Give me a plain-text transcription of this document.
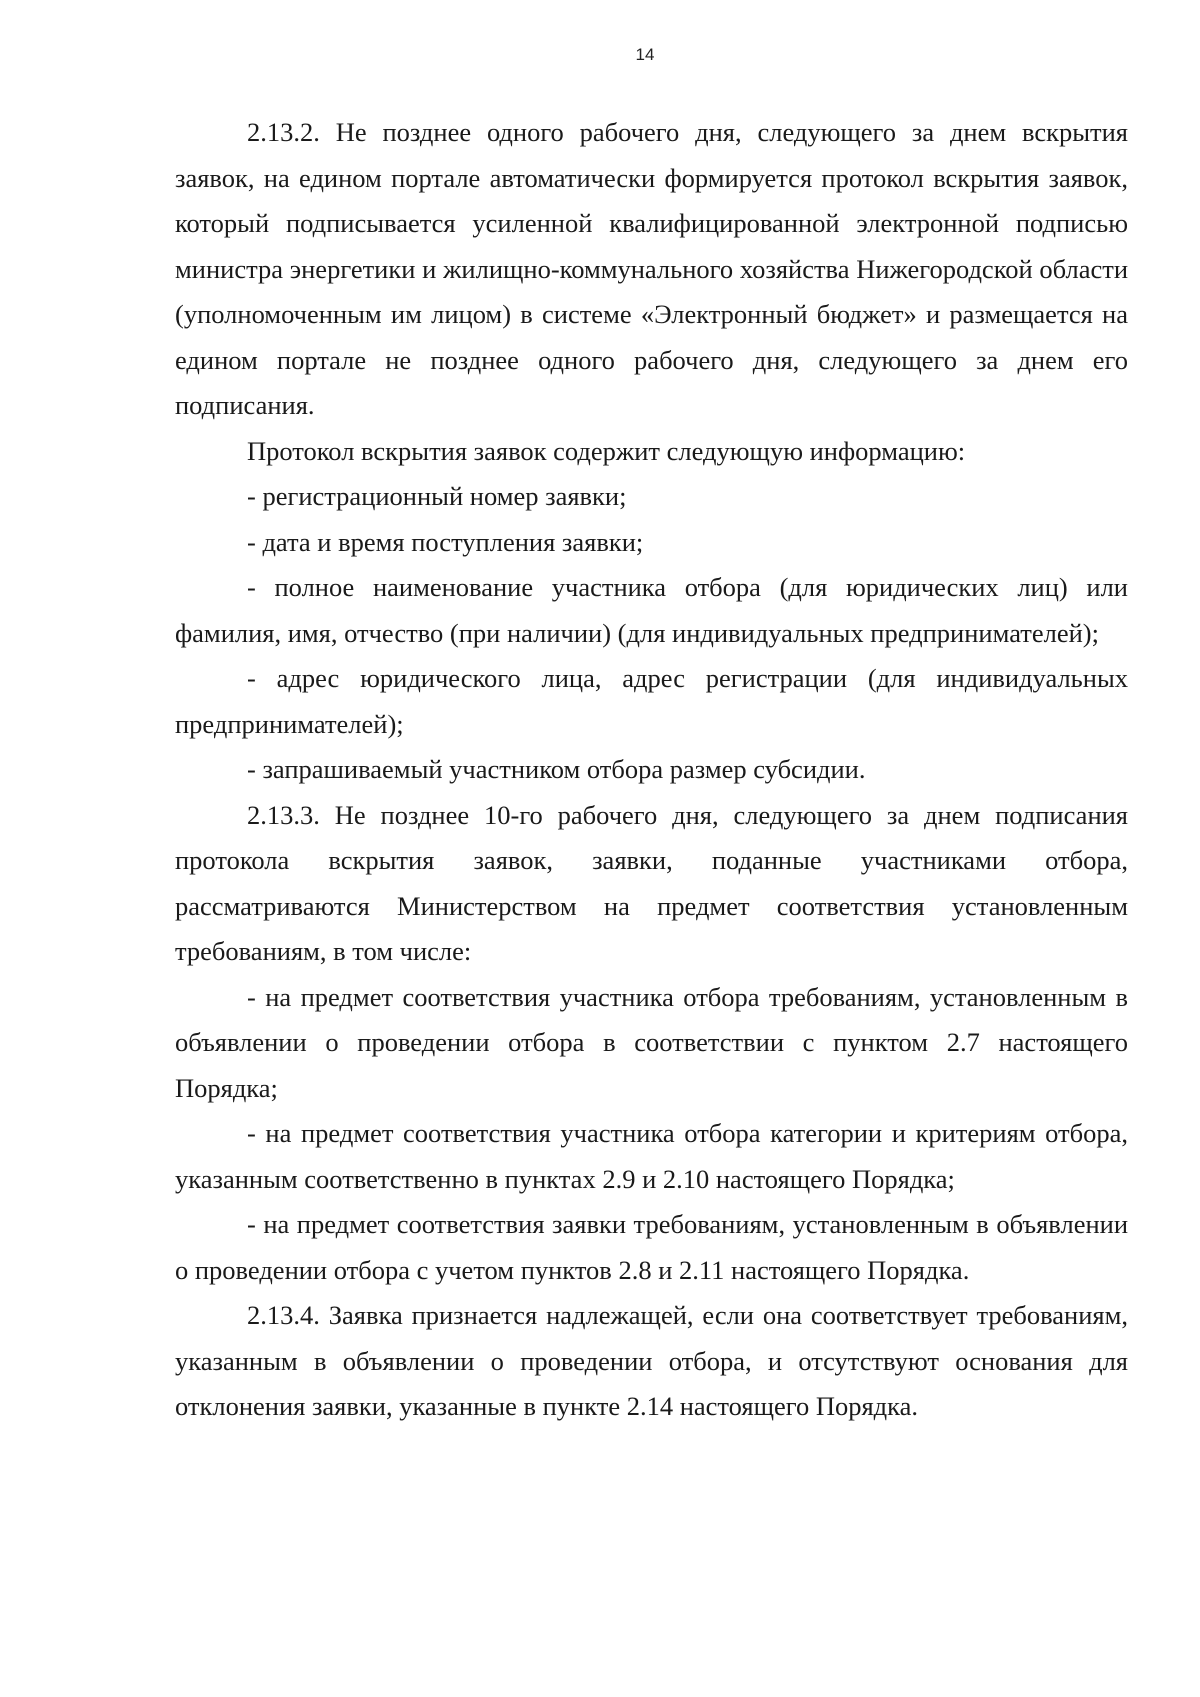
14

2.13.2. Не позднее одного рабочего дня, следующего за днем вскрытия заявок, на едином портале автоматически формируется протокол вскрытия заявок, который подписывается усиленной квалифицированной электронной подписью министра энергетики и жилищно-коммунального хозяйства Нижегородской области (уполномоченным им лицом) в системе «Электронный бюджет» и размещается на едином портале не позднее одного рабочего дня, следующего за днем его подписания.

Протокол вскрытия заявок содержит следующую информацию:

- регистрационный номер заявки;

- дата и время поступления заявки;

- полное наименование участника отбора (для юридических лиц) или фамилия, имя, отчество (при наличии) (для индивидуальных предпринимателей);

- адрес юридического лица, адрес регистрации (для индивидуальных предпринимателей);

- запрашиваемый участником отбора размер субсидии.

2.13.3. Не позднее 10-го рабочего дня, следующего за днем подписания протокола вскрытия заявок, заявки, поданные участниками отбора, рассматриваются Министерством на предмет соответствия установленным требованиям, в том числе:

- на предмет соответствия участника отбора требованиям, установленным в объявлении о проведении отбора в соответствии с пунктом 2.7 настоящего Порядка;

- на предмет соответствия участника отбора категории и критериям отбора, указанным соответственно в пунктах 2.9 и 2.10 настоящего Порядка;

- на предмет соответствия заявки требованиям, установленным в объявлении о проведении отбора с учетом пунктов 2.8 и 2.11 настоящего Порядка.

2.13.4. Заявка признается надлежащей, если она соответствует требованиям, указанным в объявлении о проведении отбора, и отсутствуют основания для отклонения заявки, указанные в пункте 2.14 настоящего Порядка.
